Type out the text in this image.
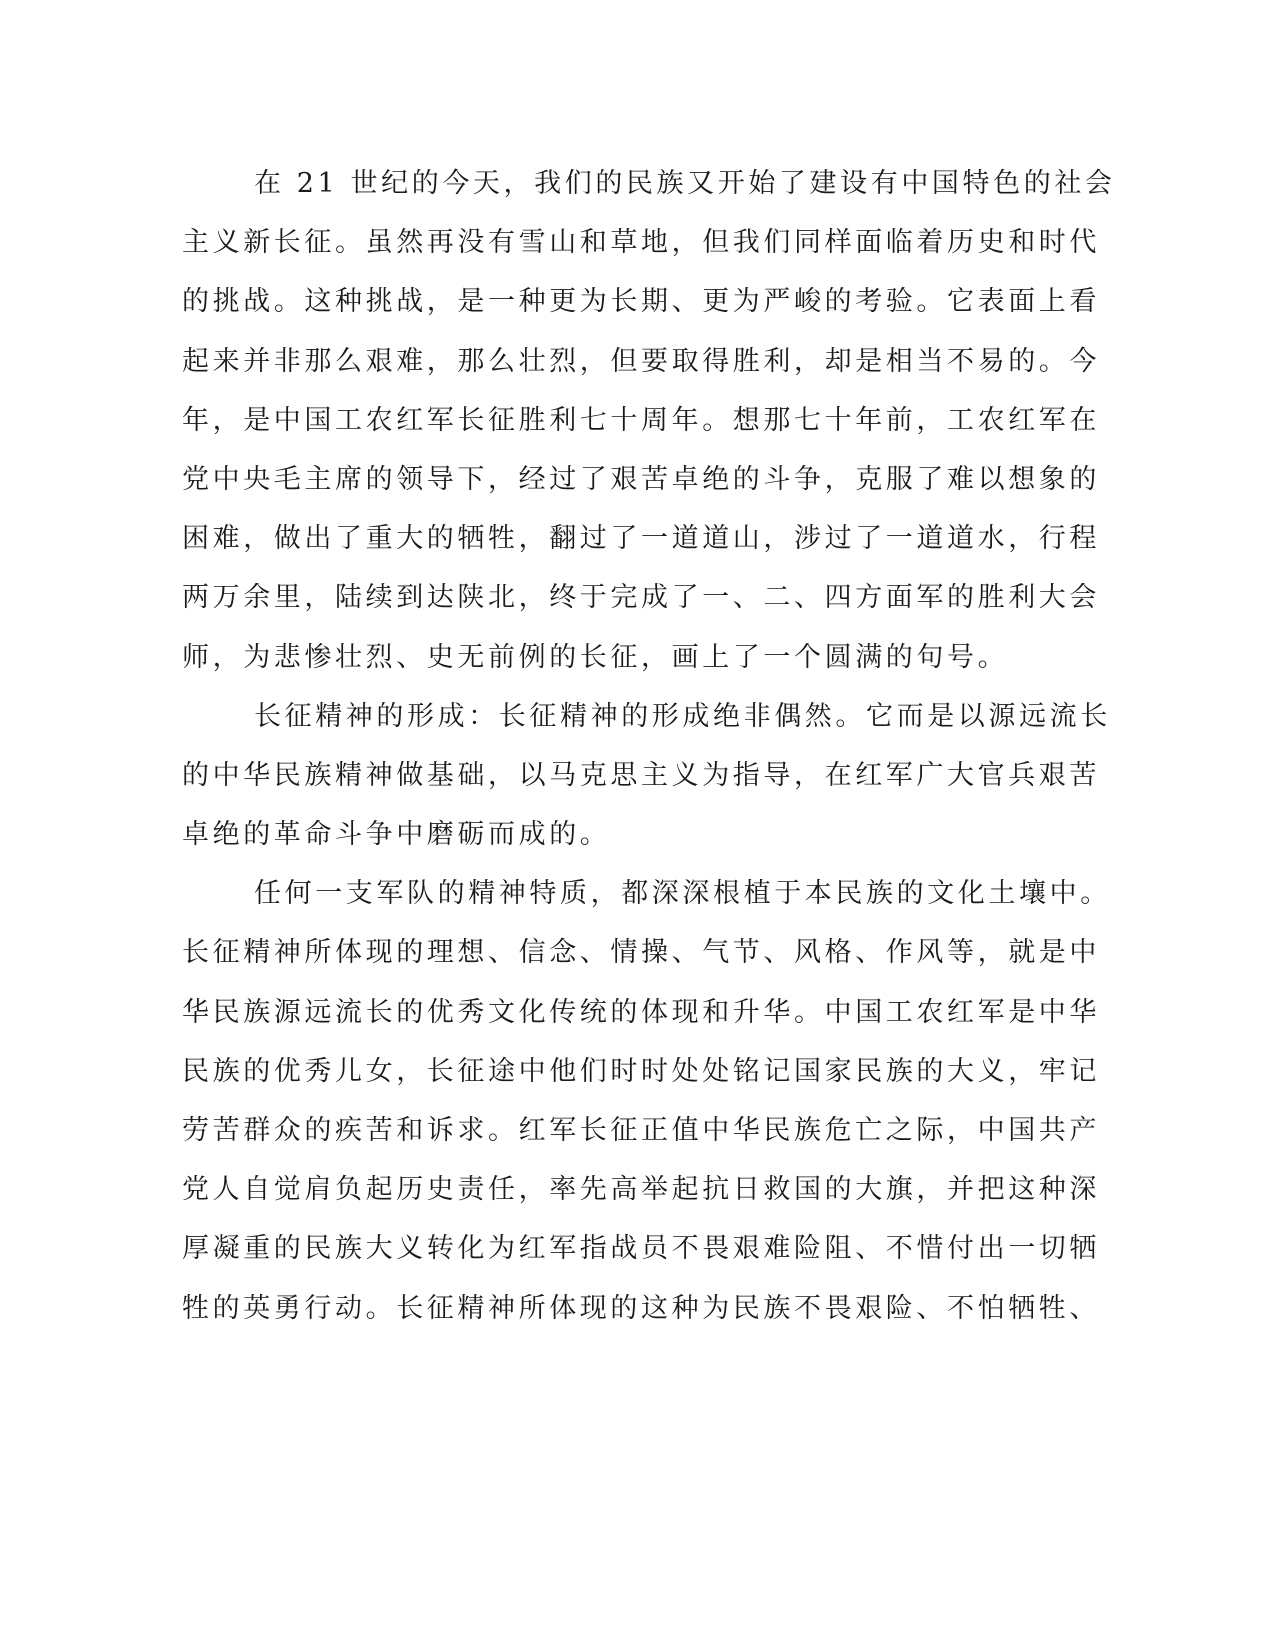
在 21 世纪的今天，我们的民族又开始了建设有中国特色的社会
主义新长征。虽然再没有雪山和草地，但我们同样面临着历史和时代
的挑战。这种挑战，是一种更为长期、更为严峻的考验。它表面上看
起来并非那么艰难，那么壮烈，但要取得胜利，却是相当不易的。今
年，是中国工农红军长征胜利七十周年。想那七十年前，工农红军在
党中央毛主席的领导下，经过了艰苦卓绝的斗争，克服了难以想象的
困难，做出了重大的牺牲，翻过了一道道山，涉过了一道道水，行程
两万余里，陆续到达陕北，终于完成了一、二、四方面军的胜利大会
师，为悲惨壮烈、史无前例的长征，画上了一个圆满的句号。
长征精神的形成：长征精神的形成绝非偶然。它而是以源远流长
的中华民族精神做基础，以马克思主义为指导，在红军广大官兵艰苦
卓绝的革命斗争中磨砺而成的。
任何一支军队的精神特质，都深深根植于本民族的文化土壤中。
长征精神所体现的理想、信念、情操、气节、风格、作风等，就是中
华民族源远流长的优秀文化传统的体现和升华。中国工农红军是中华
民族的优秀儿女，长征途中他们时时处处铭记国家民族的大义，牢记
劳苦群众的疾苦和诉求。红军长征正值中华民族危亡之际，中国共产
党人自觉肩负起历史责任，率先高举起抗日救国的大旗，并把这种深
厚凝重的民族大义转化为红军指战员不畏艰难险阻、不惜付出一切牺
牲的英勇行动。长征精神所体现的这种为民族不畏艰险、不怕牺牲、
